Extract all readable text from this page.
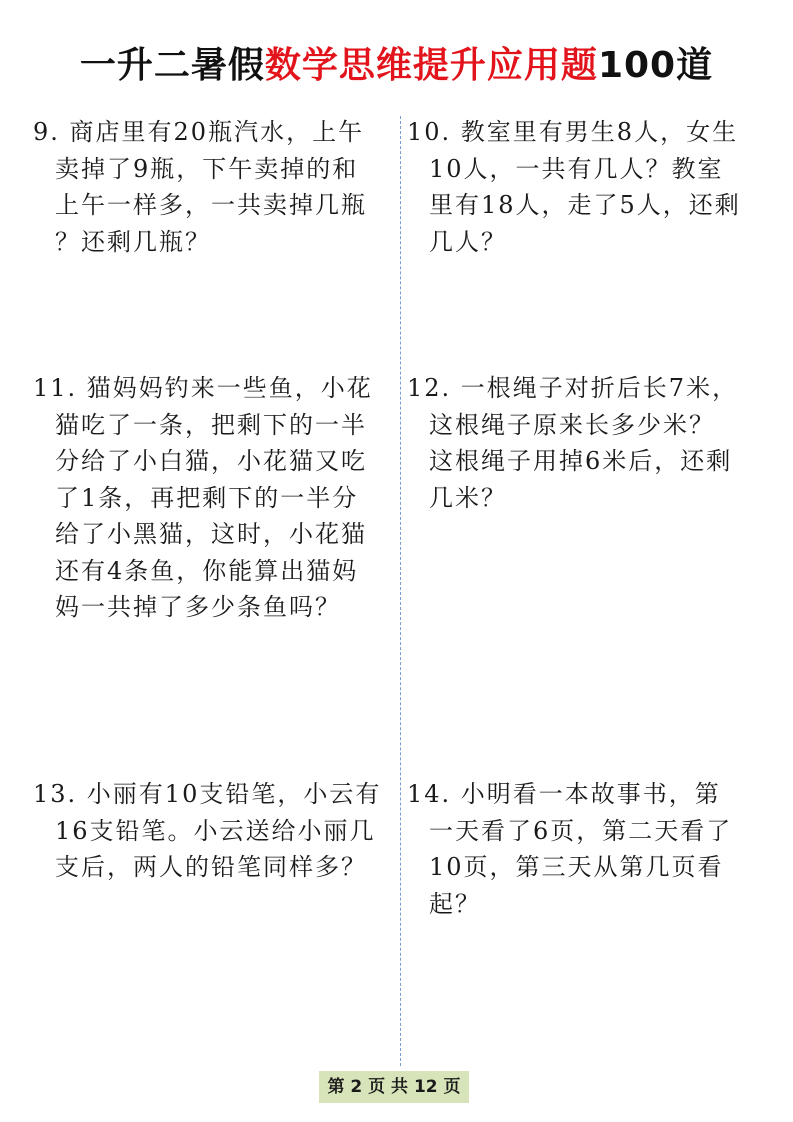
一升二暑假数学思维提升应用题100道
9. 商店里有20瓶汽水，上午
卖掉了9瓶，下午卖掉的和
上午一样多，一共卖掉几瓶
？还剩几瓶？
10. 教室里有男生8人，女生
10人，一共有几人？教室
里有18人，走了5人，还剩
几人？
11. 猫妈妈钓来一些鱼，小花
猫吃了一条，把剩下的一半
分给了小白猫，小花猫又吃
了1条，再把剩下的一半分
给了小黑猫，这时，小花猫
还有4条鱼，你能算出猫妈
妈一共掉了多少条鱼吗？
12. 一根绳子对折后长7米，
这根绳子原来长多少米？
这根绳子用掉6米后，还剩
几米？
13. 小丽有10支铅笔，小云有
16支铅笔。小云送给小丽几
支后，两人的铅笔同样多？
14. 小明看一本故事书，第
一天看了6页，第二天看了
10页，第三天从第几页看
起？
第 2 页 共 12 页
